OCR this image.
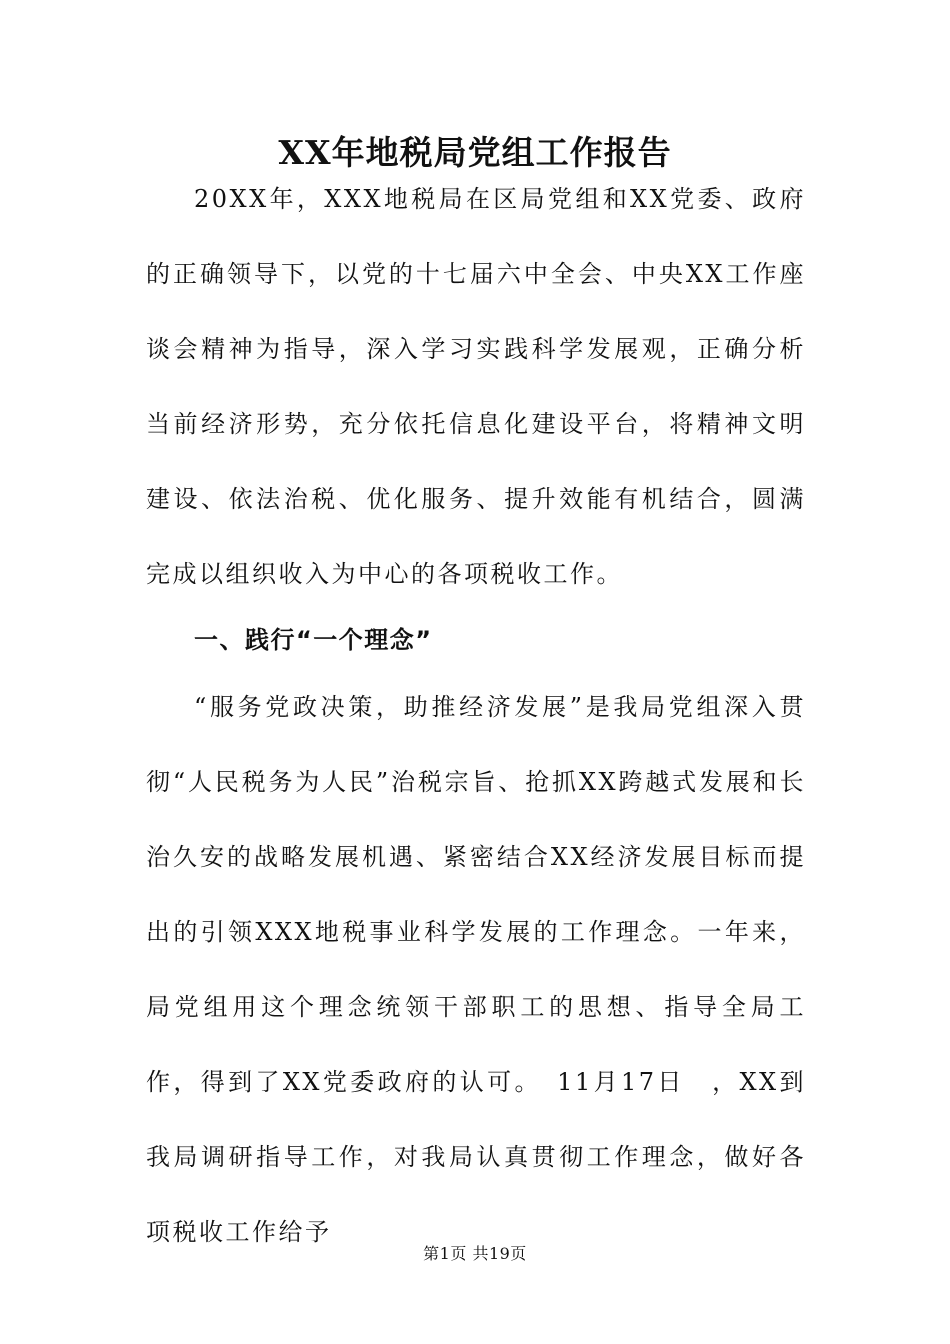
XX年地税局党组工作报告

20XX年，XXX地税局在区局党组和XX党委、政府的正确领导下，以党的十七届六中全会、中央XX工作座谈会精神为指导，深入学习实践科学发展观，正确分析当前经济形势，充分依托信息化建设平台，将精神文明建设、依法治税、优化服务、提升效能有机结合，圆满完成以组织收入为中心的各项税收工作。

一、践行“一个理念”

“服务党政决策，助推经济发展”是我局党组深入贯彻“人民税务为人民”治税宗旨、抢抓XX跨越式发展和长治久安的战略发展机遇、紧密结合XX经济发展目标而提出的引领XXX地税事业科学发展的工作理念。一年来，局党组用这个理念统领干部职工的思想、指导全局工作，得到了XX党委政府的认可。　11月17日　，XX到我局调研指导工作，对我局认真贯彻工作理念，做好各项税收工作给予

第1页 共19页
